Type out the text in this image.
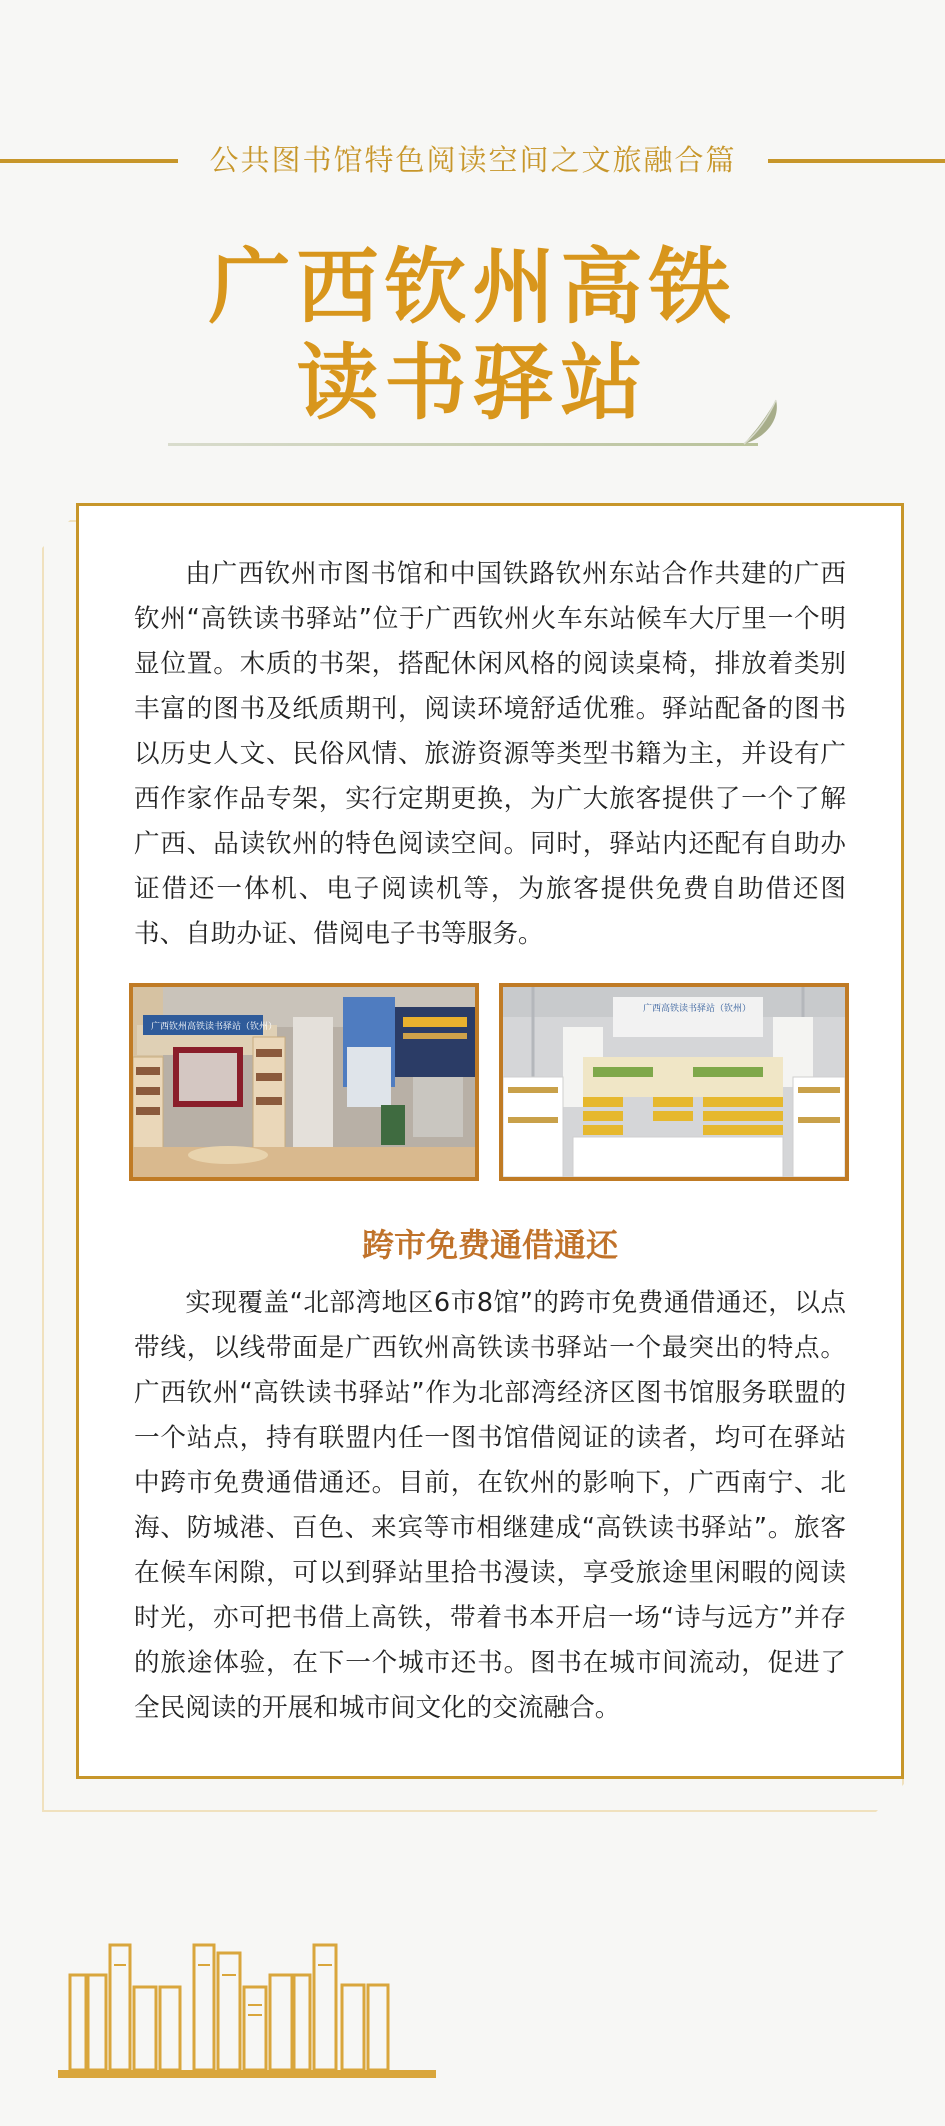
公共图书馆特色阅读空间之文旅融合篇
广西钦州高铁
读书驿站

由广西钦州市图书馆和中国铁路钦州东站合作共建的广西钦州“高铁读书驿站”位于广西钦州火车东站候车大厅里一个明显位置。木质的书架，搭配休闲风格的阅读桌椅，排放着类别丰富的图书及纸质期刊，阅读环境舒适优雅。驿站配备的图书以历史人文、民俗风情、旅游资源等类型书籍为主，并设有广西作家作品专架，实行定期更换，为广大旅客提供了一个了解广西、品读钦州的特色阅读空间。同时，驿站内还配有自助办证借还一体机、电子阅读机等，为旅客提供免费自助借还图书、自助办证、借阅电子书等服务。

广西钦州高铁读书驿站（钦州）
广西高铁读书驿站（钦州）
跨市免费通借通还

实现覆盖“北部湾地区6市8馆”的跨市免费通借通还，以点带线，以线带面是广西钦州高铁读书驿站一个最突出的特点。广西钦州“高铁读书驿站”作为北部湾经济区图书馆服务联盟的一个站点，持有联盟内任一图书馆借阅证的读者，均可在驿站中跨市免费通借通还。目前，在钦州的影响下，广西南宁、北海、防城港、百色、来宾等市相继建成“高铁读书驿站”。旅客在候车闲隙，可以到驿站里拾书漫读，享受旅途里闲暇的阅读时光，亦可把书借上高铁，带着书本开启一场“诗与远方”并存的旅途体验，在下一个城市还书。图书在城市间流动，促进了全民阅读的开展和城市间文化的交流融合。
